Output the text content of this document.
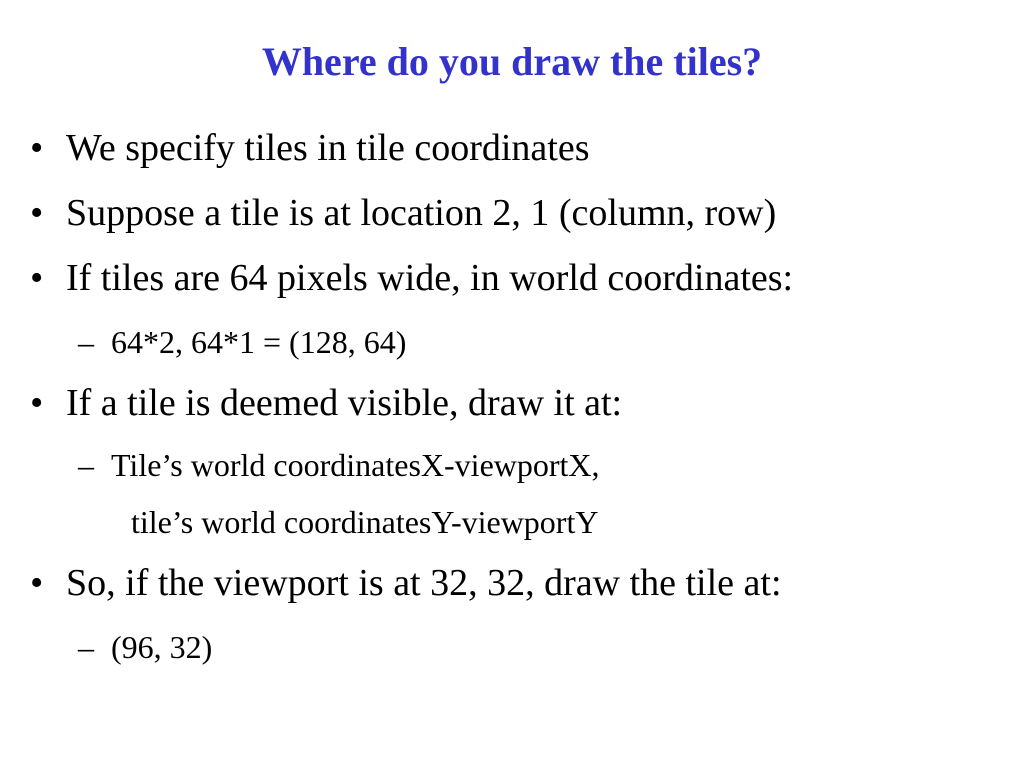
Where do you draw the tiles?
• We specify tiles in tile coordinates
• Suppose a tile is at location 2, 1 (column, row)
• If tiles are 64 pixels wide, in world coordinates:
– 64*2, 64*1 = (128, 64)
• If a tile is deemed visible, draw it at:
– Tile’s world coordinatesX-viewportX,
tile’s world coordinatesY-viewportY
• So, if the viewport is at 32, 32, draw the tile at:
– (96, 32)
